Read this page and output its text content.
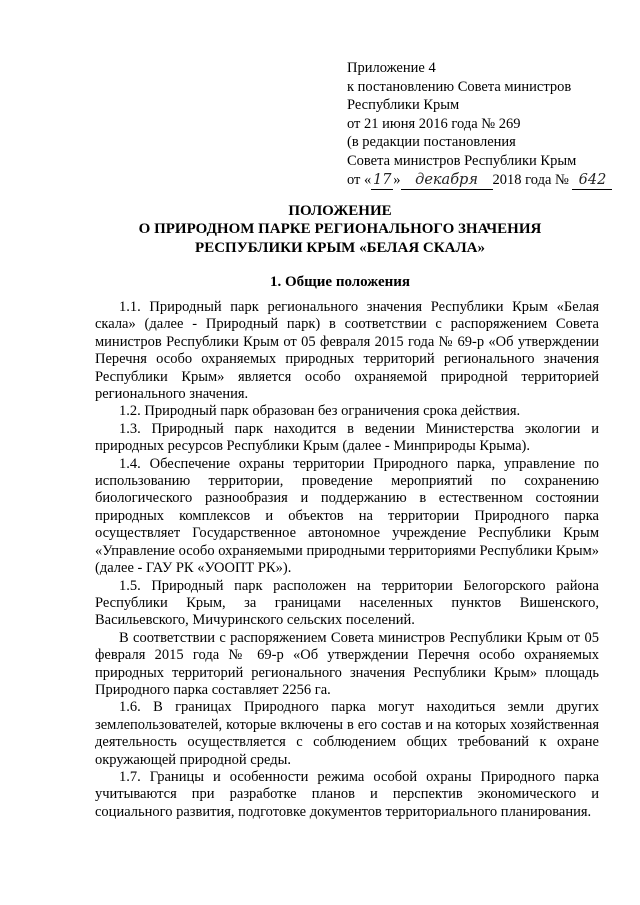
Приложение 4
к постановлению Совета министров
Республики Крым
от 21 июня 2016 года № 269
(в редакции постановления
Совета министров Республики Крым
от « 17 » декабря 2018 года № 642
ПОЛОЖЕНИЕ
О ПРИРОДНОМ ПАРКЕ РЕГИОНАЛЬНОГО ЗНАЧЕНИЯ
РЕСПУБЛИКИ КРЫМ «БЕЛАЯ СКАЛА»
1. Общие положения

1.1. Природный парк регионального значения Республики Крым «Белая скала» (далее - Природный парк) в соответствии с распоряжением Совета министров Республики Крым от 05 февраля 2015 года № 69-р «Об утверждении Перечня особо охраняемых природных территорий регионального значения Республики Крым» является особо охраняемой природной территорией регионального значения.

1.2. Природный парк образован без ограничения срока действия.

1.3. Природный парк находится в ведении Министерства экологии и природных ресурсов Республики Крым (далее - Минприроды Крыма).

1.4. Обеспечение охраны территории Природного парка, управление по использованию территории, проведение мероприятий по сохранению биологического разнообразия и поддержанию в естественном состоянии природных комплексов и объектов на территории Природного парка осуществляет Государственное автономное учреждение Республики Крым «Управление особо охраняемыми природными территориями Республики Крым» (далее - ГАУ РК «УООПТ РК»).

1.5. Природный парк расположен на территории Белогорского района Республики Крым, за границами населенных пунктов Вишенского, Васильевского, Мичуринского сельских поселений.

В соответствии с распоряжением Совета министров Республики Крым от 05 февраля 2015 года № 69-р «Об утверждении Перечня особо охраняемых природных территорий регионального значения Республики Крым» площадь Природного парка составляет 2256 га.

1.6. В границах Природного парка могут находиться земли других землепользователей, которые включены в его состав и на которых хозяйственная деятельность осуществляется с соблюдением общих требований к охране окружающей природной среды.

1.7. Границы и особенности режима особой охраны Природного парка учитываются при разработке планов и перспектив экономического и социального развития, подготовке документов территориального планирования.
